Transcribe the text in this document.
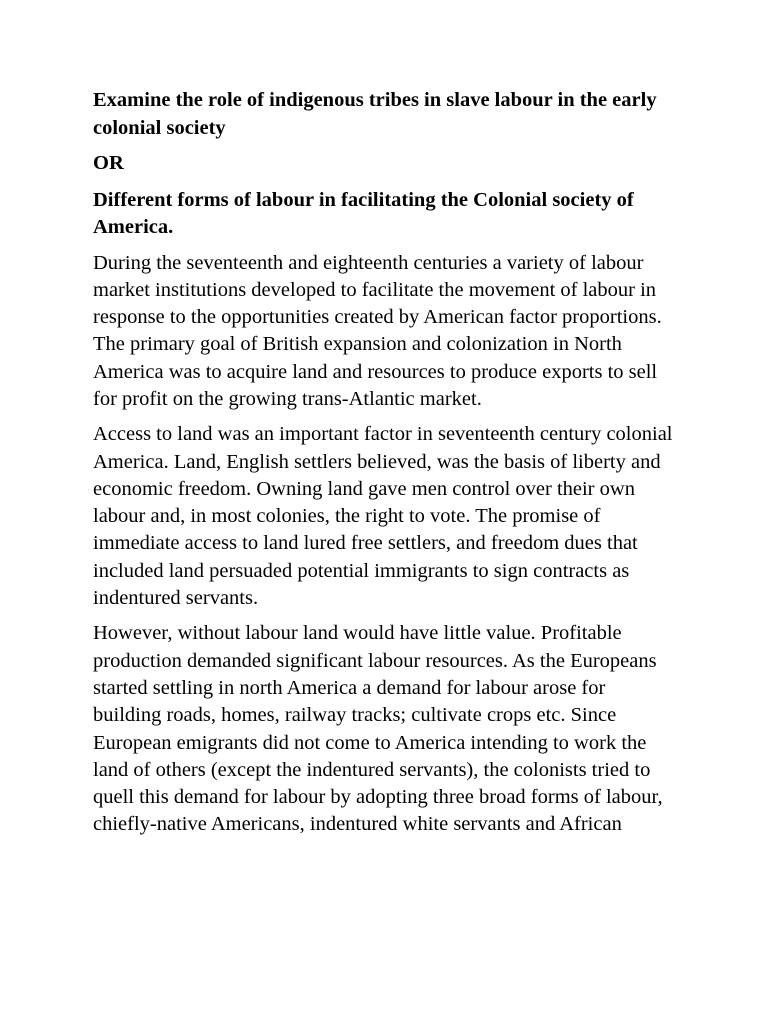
Examine the role of indigenous tribes in slave labour in the early colonial society

OR

Different forms of labour in facilitating the Colonial society of America.

During the seventeenth and eighteenth centuries a variety of labour market institutions developed to facilitate the movement of labour in response to the opportunities created by American factor proportions. The primary goal of British expansion and colonization in North America was to acquire land and resources to produce exports to sell for profit on the growing trans-Atlantic market.

Access to land was an important factor in seventeenth century colonial America. Land, English settlers believed, was the basis of liberty and economic freedom. Owning land gave men control over their own labour and, in most colonies, the right to vote. The promise of immediate access to land lured free settlers, and freedom dues that included land persuaded potential immigrants to sign contracts as indentured servants.

However, without labour land would have little value. Profitable production demanded significant labour resources. As the Europeans started settling in north America a demand for labour arose for building roads, homes, railway tracks; cultivate crops etc. Since European emigrants did not come to America intending to work the land of others (except the indentured servants), the colonists tried to quell this demand for labour by adopting three broad forms of labour, chiefly-native Americans, indentured white servants and African
